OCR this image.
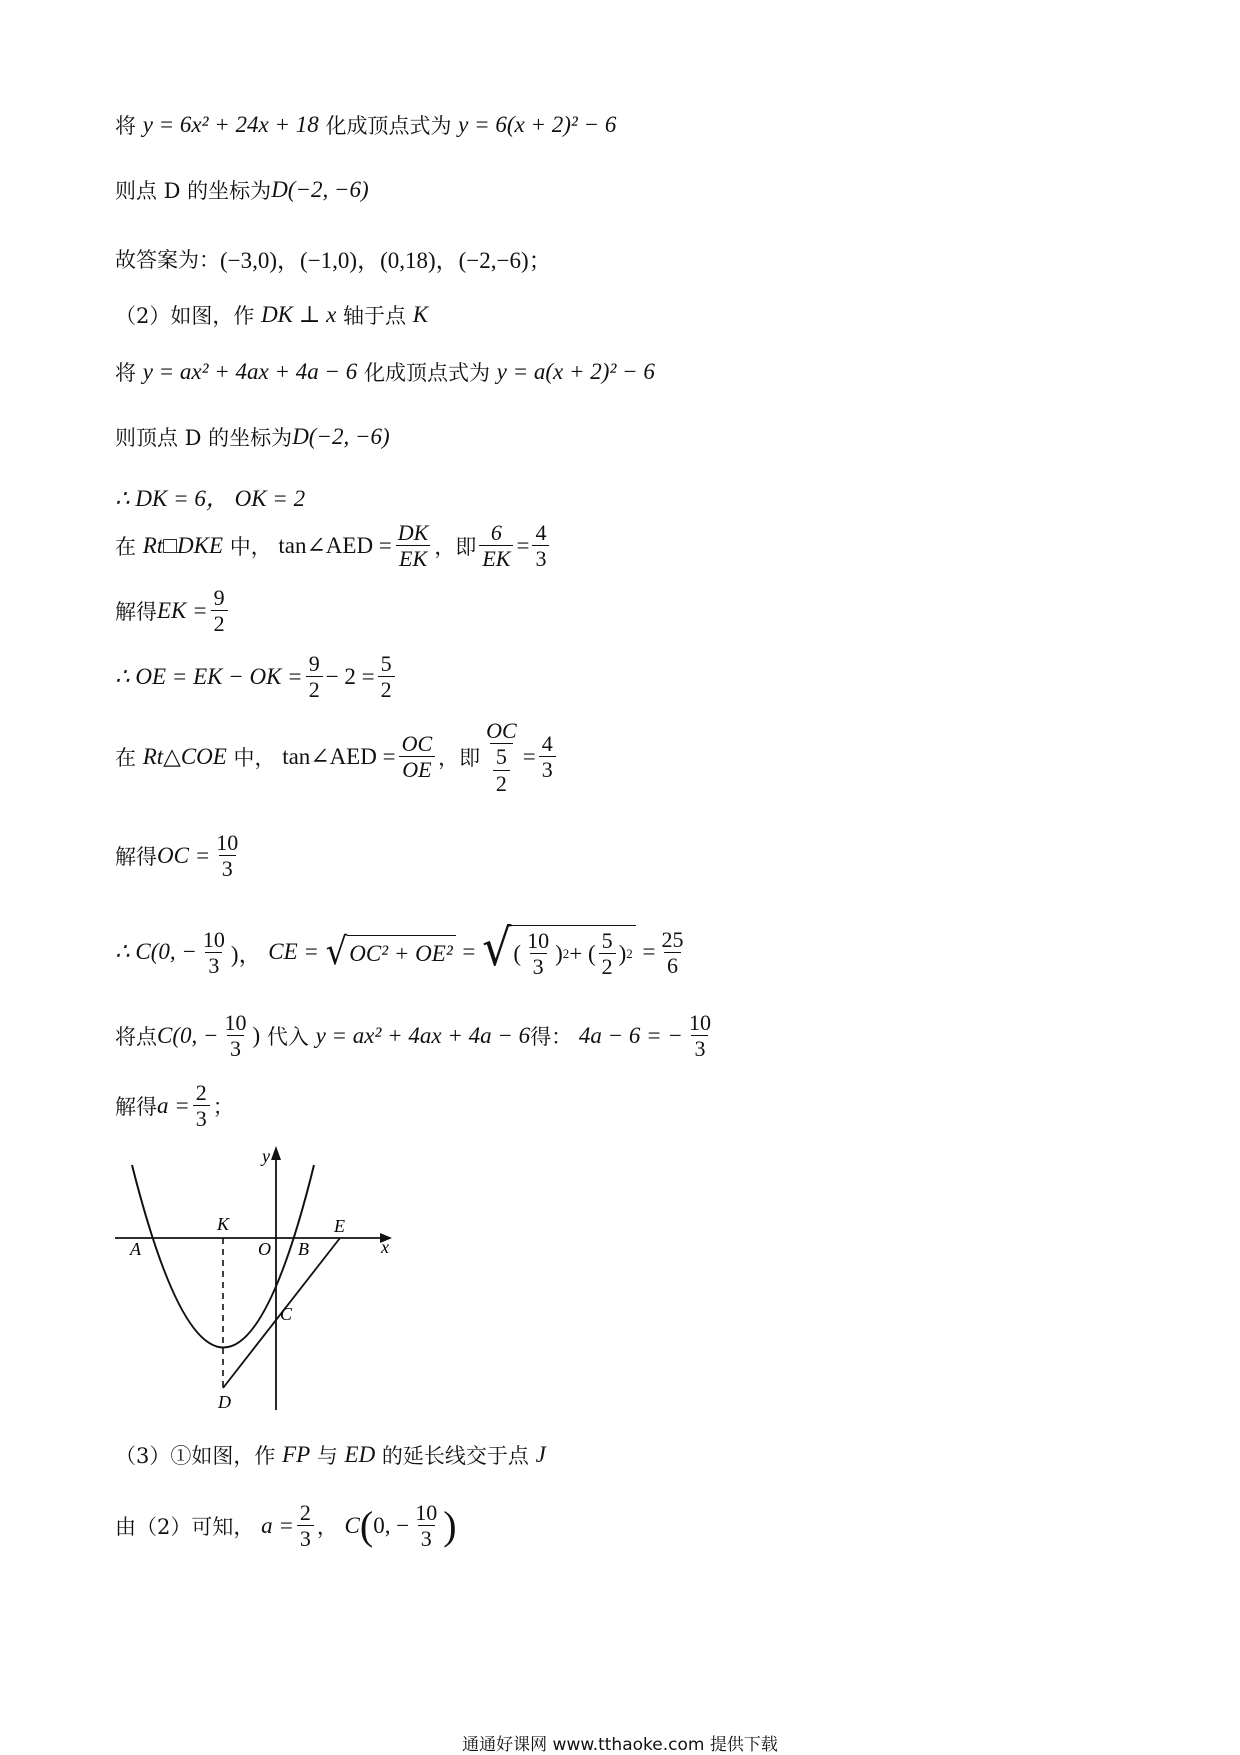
将
y = 6x² + 24x + 18
化成顶点式为
y = 6(x + 2)² − 6
则点 D 的坐标为 D(−2, −6)
故答案为： (−3,0)，(−1,0)，(0,18)，(−2,−6)；
（2）如图，作
DK ⊥ x
轴于点
K
将
y = ax² + 4ax + 4a − 6
化成顶点式为
y = a(x + 2)² − 6
则顶点 D 的坐标为 D(−2, −6)
∴ DK = 6， OK = 2
在
Rt □DKE
中，
tan∠AED = $\frac{DK}{EK}$ ，即 $\frac{6}{EK} = \frac{4}{3}$
解得 EK = $\frac{9}{2}$
∴ OE = EK − OK = $\frac{9}{2} - 2 = \frac{5}{2}$
在
Rt△COE
中，
tan∠AED = $\frac{OC}{OE}$ ，即 OC
5
$2 = \frac{4}{3}$
解得 OC = $\frac{10}{3}$
∴ C(0, − $\frac{10}{3}$ )，
CE =
√ OC² + OE²
=
√ ( $\frac{10}{3}$ ) 2 + ( $\frac{5}{2}$ ) 2
= $\frac{25}{6}$
将点 C(0, − $\frac{10}{3}$ )
代入
y = ax² + 4ax + 4a − 6 得：
4a − 6 = − $\frac{10}{3}$
解得 $a = \frac{2}{3}$ ；
y
x
A
K
O B
E
C
D
（3）①如图，作
FP
与
ED
的延长线交于点
J
由（2）可知，
$a = \frac{2}{3}$ ，
C ( 0, − $\frac{10}{3}$ )
通通好课网 www.tthaoke.com 提供下载
